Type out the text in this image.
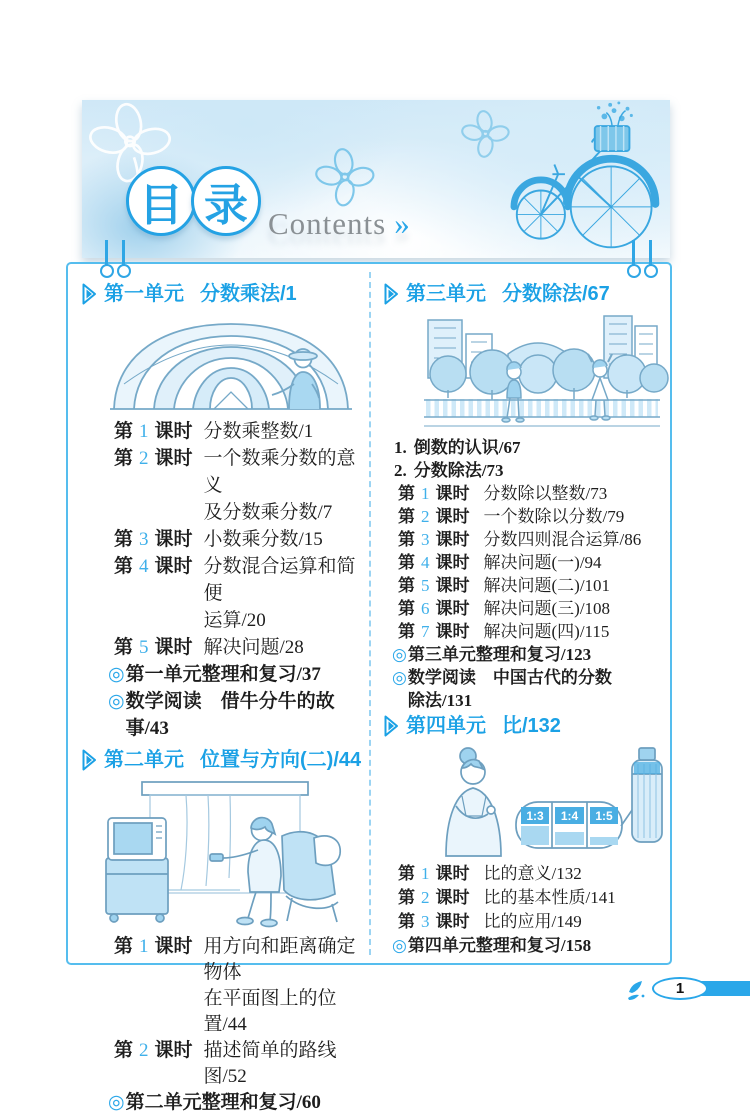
目 录 Contents »
第一单元 分数乘法/1
第 1 课时 分数乘整数/1
第 2 课时 一个数乘分数的意义
及分数乘分数/7
第 3 课时 小数乘分数/15
第 4 课时 分数混合运算和简便
运算/20
第 5 课时 解决问题/28
◎ 第一单元整理和复习/37
◎ 数学阅读　借牛分牛的故事/43
第二单元 位置与方向(二)/44
第 1 课时 用方向和距离确定物体
在平面图上的位置/44
第 2 课时 描述简单的路线图/52
◎ 第二单元整理和复习/60
第三单元 分数除法/67
1. 倒数的认识/67
2. 分数除法/73
第 1 课时 分数除以整数/73
第 2 课时 一个数除以分数/79
第 3 课时 分数四则混合运算/86
第 4 课时 解决问题(一)/94
第 5 课时 解决问题(二)/101
第 6 课时 解决问题(三)/108
第 7 课时 解决问题(四)/115
◎ 第三单元整理和复习/123
◎ 数学阅读　中国古代的分数
除法/131
第四单元 比/132
1:3 1:4 1:5
第 1 课时 比的意义/132
第 2 课时 比的基本性质/141
第 3 课时 比的应用/149
◎ 第四单元整理和复习/158
1
